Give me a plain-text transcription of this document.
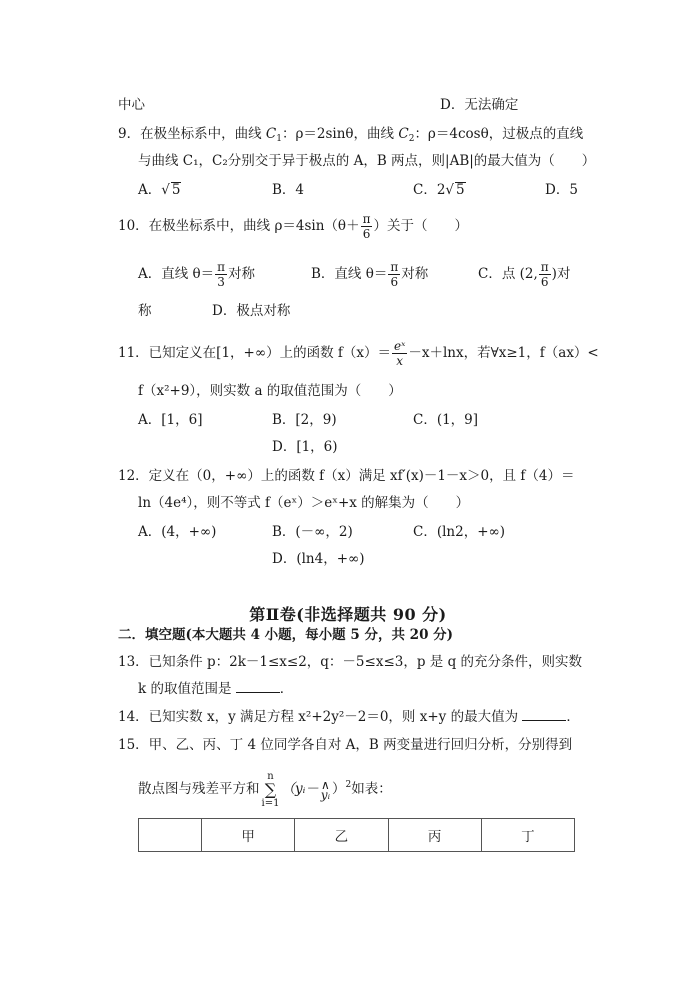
中心	D．无法确定
9．在极坐标系中，曲线 $C_1$：ρ＝2sinθ，曲线 $C_2$：ρ＝4cosθ，过极点的直线
与曲线 C₁，C₂分别交于异于极点的 A，B 两点，则|AB|的最大值为（　　）
A．√ 5	B．4	C．2√ 5	D．5
10．在极坐标系中，曲线 $\rho=4\sin(\theta+ \frac{\pi}{6}$ ）关于（　　）
A．直线 $\theta= \frac{\pi}{3}$ 对称	B．直线 $\theta= \frac{\pi}{6}$ 对称	C．点 (2, $\frac{\pi}{6}$ )对
称	D．极点对称
11．已知定义在[1，+∞）上的函数 $f(x)= \frac{\text{eˣ}}{x} -x+\ln x$，若∀x≥1，f（ax）<
f（x²+9），则实数 a 的取值范围为（　　）
A．[1，6]	B．[2，9)	C．(1，9]
D．[1，6)
12．定义在（0，+∞）上的函数 f（x）满足 xf′(x)－1－x＞0，且 f（4）＝
ln（4e⁴），则不等式 f（eˣ）＞eˣ+x 的解集为（　　）
A．(4，+∞)	B．(－∞，2)	C．(ln2，+∞)
D．(ln4，+∞)
第Ⅱ卷(非选择题共 90 分)
二．填空题(本大题共 4 小题，每小题 5 分，共 20 分)
13．已知条件 p：2k－1≤x≤2，q：－5≤x≤3，p 是 q 的充分条件，则实数
k 的取值范围是	．
14．已知实数 x，y 满足方程 x²+2y²－2＝0，则 x+y 的最大值为	．
15．甲、乙、丙、丁 4 位同学各自对 A，B 两变量进行回归分析，分别得到
散点图与残差平方和
n
∑
i=1
（yᵢ－ ∧
yᵢ ）$^2$如表：
	甲	乙	丙	丁
